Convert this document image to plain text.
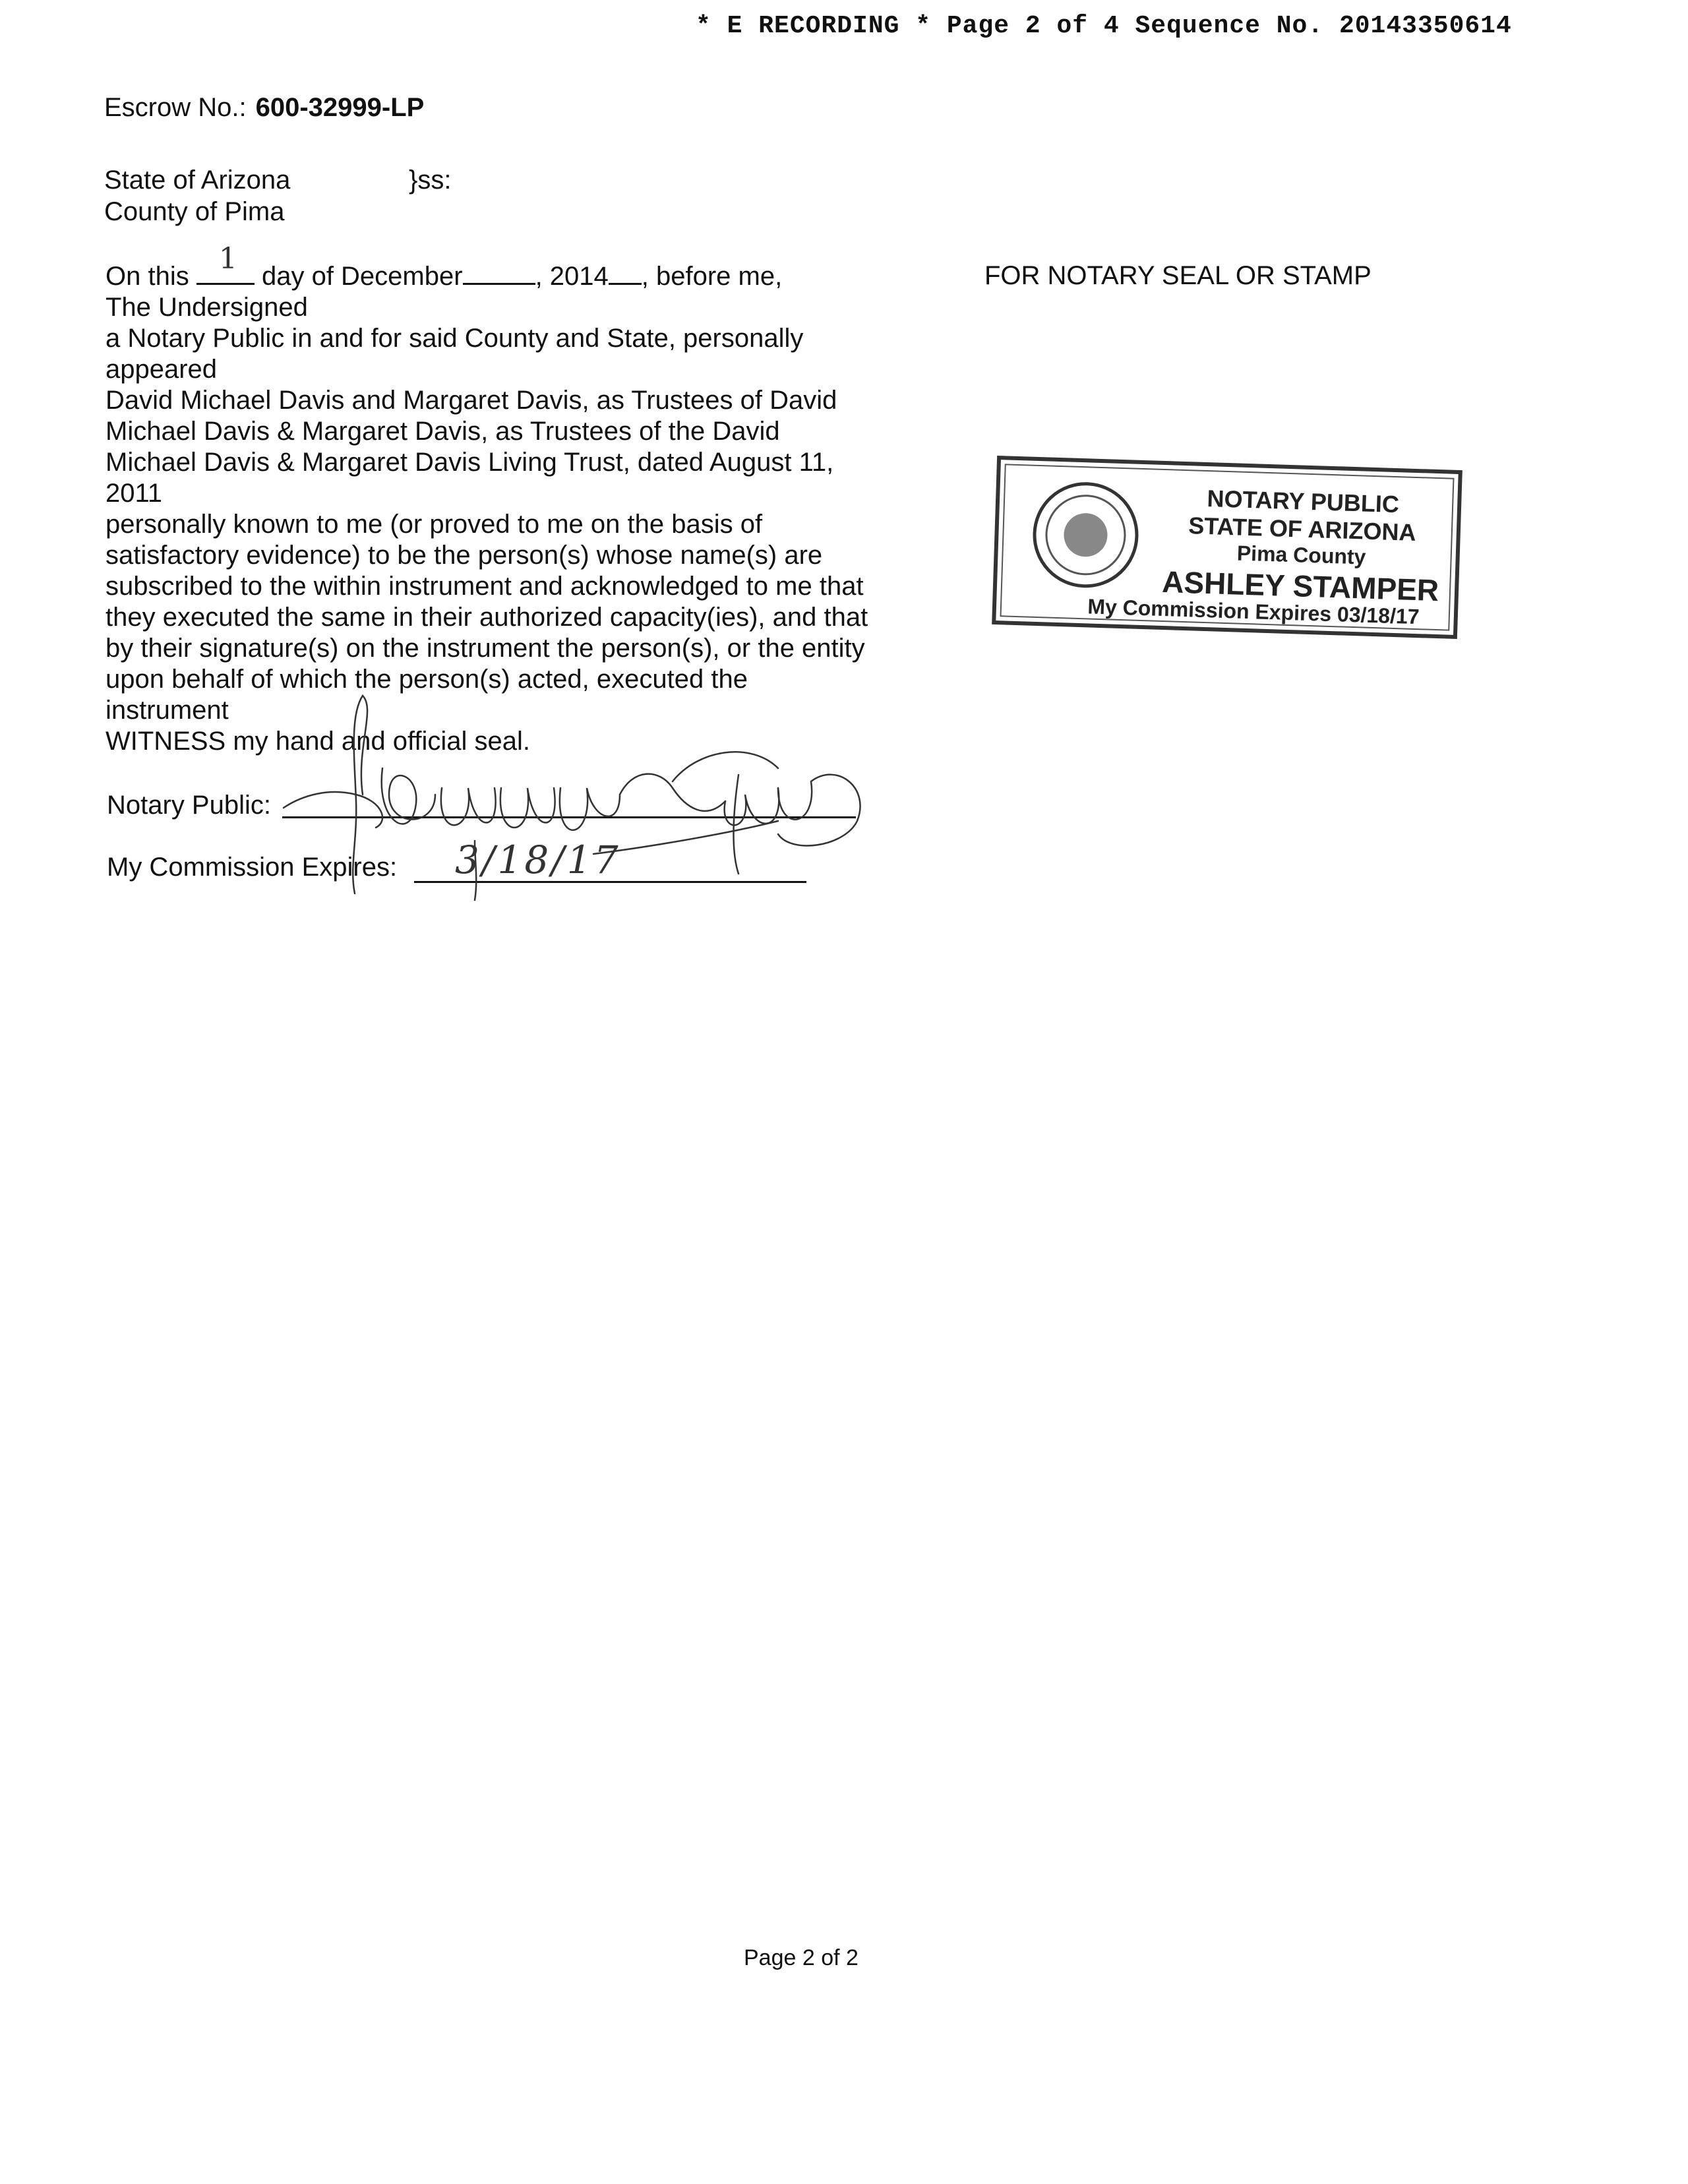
* E RECORDING * Page 2 of 4 Sequence No. 20143350614
Escrow No.: 600-32999-LP
State of Arizona	}ss:
County of Pima
On this
1
day of December	, 2014 , before me,
The Undersigned
a Notary Public in and for said County and State, personally
appeared
David Michael Davis and Margaret Davis, as Trustees of David
Michael Davis & Margaret Davis, as Trustees of the David
Michael Davis & Margaret Davis Living Trust, dated August 11,
2011
personally known to me (or proved to me on the basis of
satisfactory evidence) to be the person(s) whose name(s) are
subscribed to the within instrument and acknowledged to me that
they executed the same in their authorized capacity(ies), and that
by their signature(s) on the instrument the person(s), or the entity
upon behalf of which the person(s) acted, executed the
instrument
WITNESS my hand and official seal.
Notary Public:
My Commission Expires: 3/18/17
FOR NOTARY SEAL OR STAMP
NOTARY PUBLIC
STATE OF ARIZONA
Pima County
ASHLEY STAMPER
My Commission Expires 03/18/17
Page 2 of 2
